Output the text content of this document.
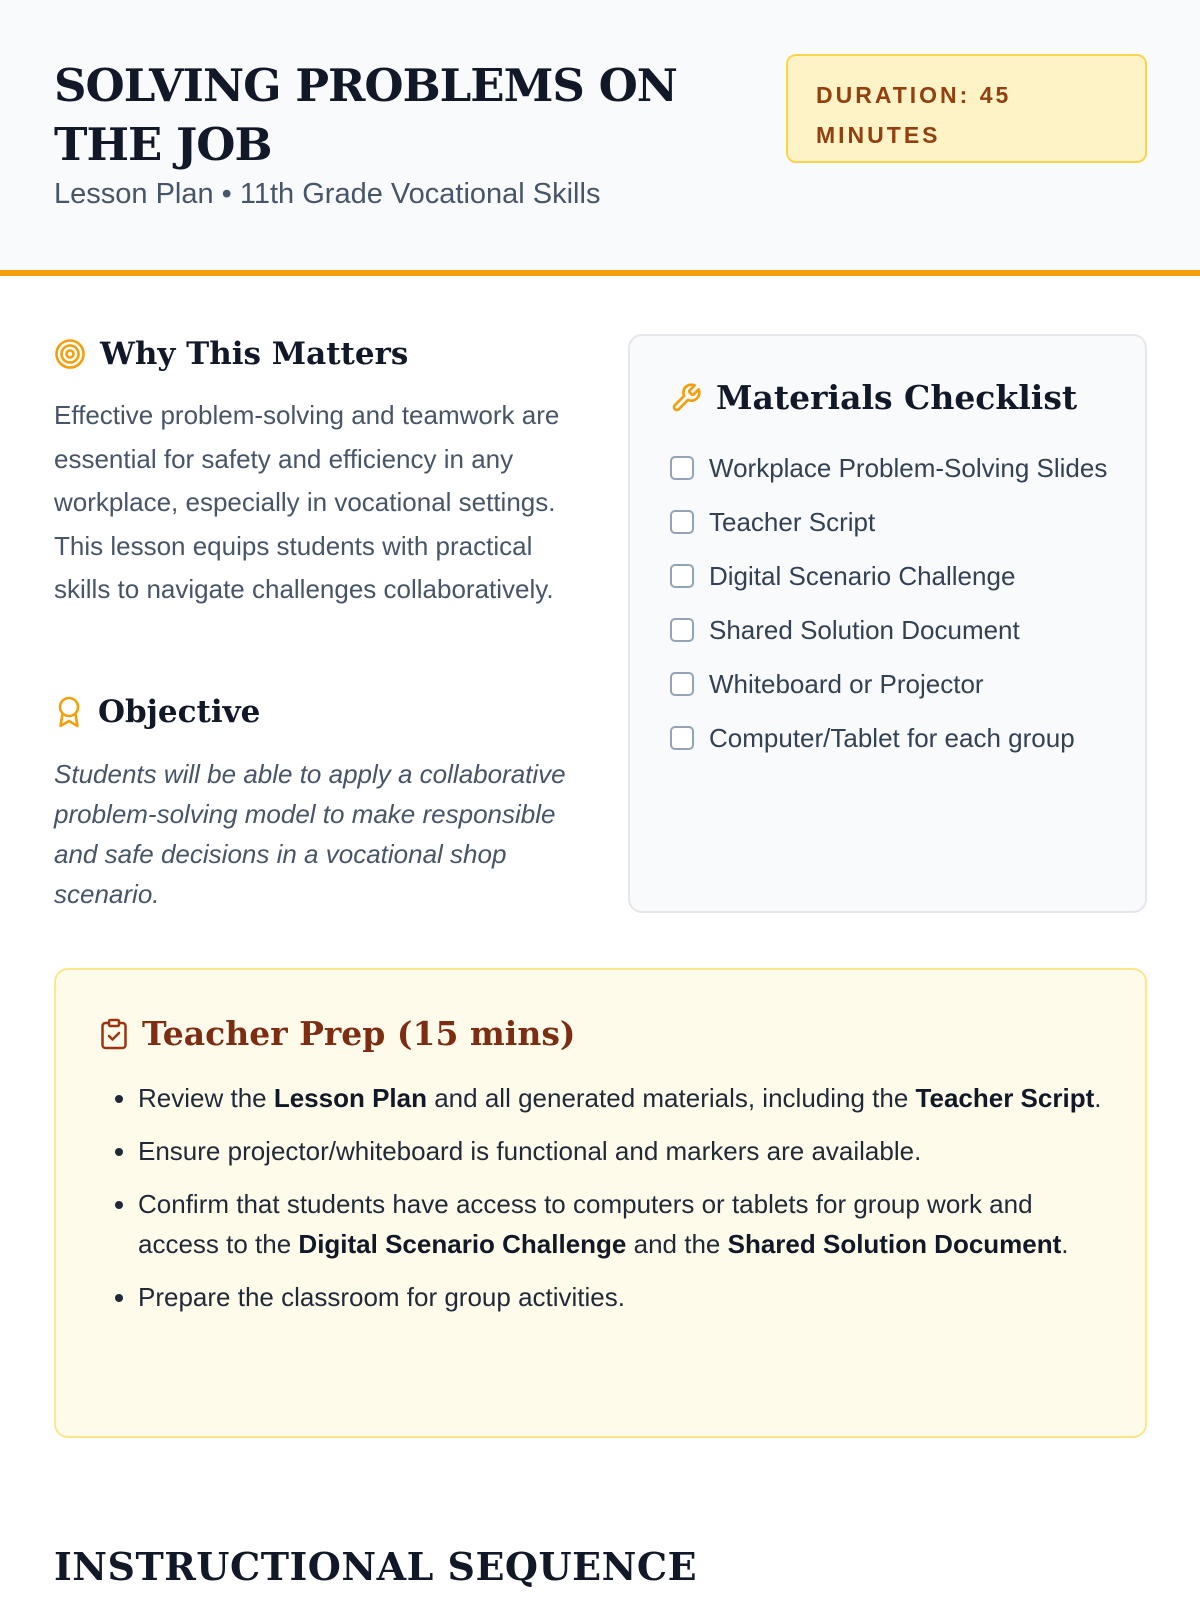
SOLVING PROBLEMS ON THE JOB
Lesson Plan • 11th Grade Vocational Skills
DURATION: 45 MINUTES
Why This Matters

Effective problem-solving and teamwork are essential for safety and efficiency in any workplace, especially in vocational settings. This lesson equips students with practical skills to navigate challenges collaboratively.

Objective

Students will be able to apply a collaborative problem-solving model to make responsible and safe decisions in a vocational shop scenario.

Materials Checklist
Workplace Problem-Solving Slides
Teacher Script
Digital Scenario Challenge
Shared Solution Document
Whiteboard or Projector
Computer/Tablet for each group
Teacher Prep (15 mins)
• Review the Lesson Plan and all generated materials, including the Teacher Script.
• Ensure projector/whiteboard is functional and markers are available.
• Confirm that students have access to computers or tablets for group work and access to the Digital Scenario Challenge and the Shared Solution Document.
• Prepare the classroom for group activities.
INSTRUCTIONAL SEQUENCE
